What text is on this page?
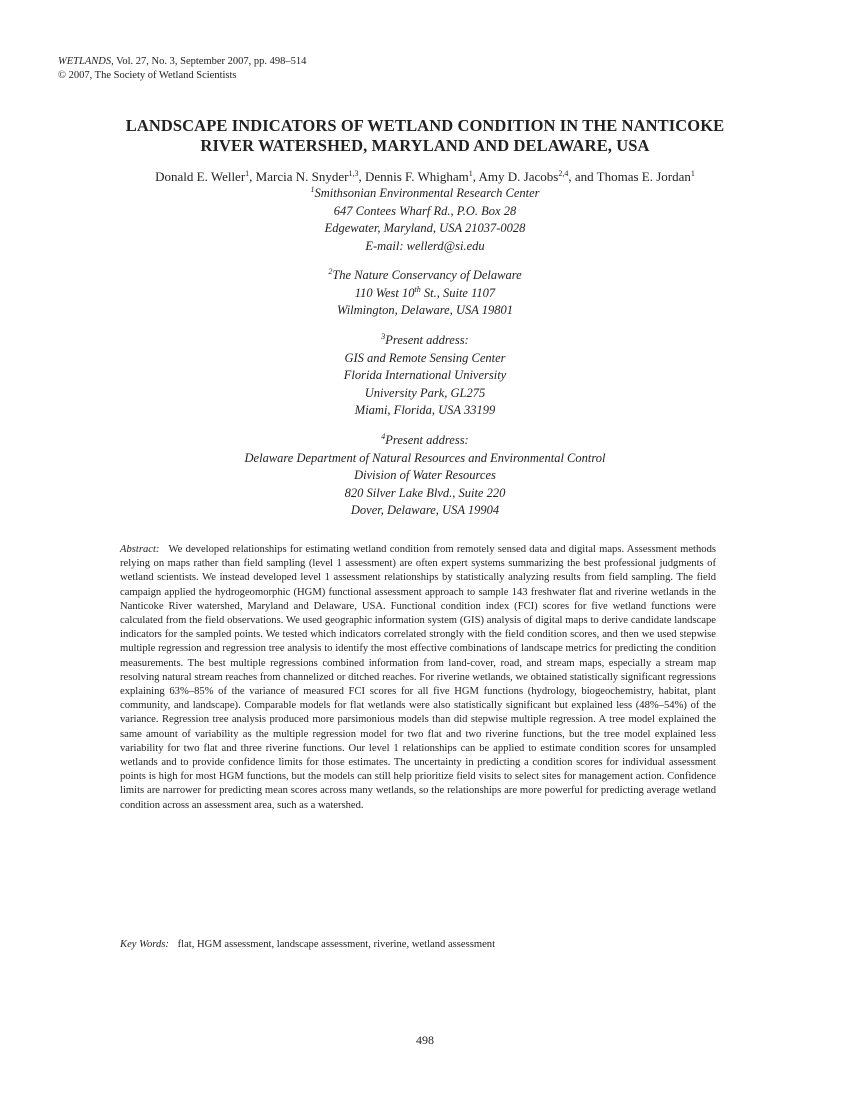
WETLANDS, Vol. 27, No. 3, September 2007, pp. 498–514
© 2007, The Society of Wetland Scientists
LANDSCAPE INDICATORS OF WETLAND CONDITION IN THE NANTICOKE
RIVER WATERSHED, MARYLAND AND DELAWARE, USA
Donald E. Weller$^1$, Marcia N. Snyder$^{1,3}$, Dennis F. Whigham$^1$, Amy D. Jacobs$^{2,4}$, and Thomas E. Jordan$^1$
$^1$Smithsonian Environmental Research Center
647 Contees Wharf Rd., P.O. Box 28
Edgewater, Maryland, USA 21037-0028
E-mail: wellerd@si.edu
$^2$The Nature Conservancy of Delaware
110 West 10th St., Suite 1107
Wilmington, Delaware, USA 19801
$^3$Present address:
GIS and Remote Sensing Center
Florida International University
University Park, GL275
Miami, Florida, USA 33199
$^4$Present address:
Delaware Department of Natural Resources and Environmental Control
Division of Water Resources
820 Silver Lake Blvd., Suite 220
Dover, Delaware, USA 19904
Abstract: We developed relationships for estimating wetland condition from remotely sensed data and digital maps. Assessment methods relying on maps rather than field sampling (level 1 assessment) are often expert systems summarizing the best professional judgments of wetland scientists. We instead developed level 1 assessment relationships by statistically analyzing results from field sampling. The field campaign applied the hydrogeomorphic (HGM) functional assessment approach to sample 143 freshwater flat and riverine wetlands in the Nanticoke River watershed, Maryland and Delaware, USA. Functional condition index (FCI) scores for five wetland functions were calculated from the field observations. We used geographic information system (GIS) analysis of digital maps to derive candidate landscape indicators for the sampled points. We tested which indicators correlated strongly with the field condition scores, and then we used stepwise multiple regression and regression tree analysis to identify the most effective combinations of landscape metrics for predicting the condition measurements. The best multiple regressions combined information from land-cover, road, and stream maps, especially a stream map resolving natural stream reaches from channelized or ditched reaches. For riverine wetlands, we obtained statistically significant regressions explaining 63%–85% of the variance of measured FCI scores for all five HGM functions (hydrology, biogeochemistry, habitat, plant community, and landscape). Comparable models for flat wetlands were also statistically significant but explained less (48%–54%) of the variance. Regression tree analysis produced more parsimonious models than did stepwise multiple regression. A tree model explained the same amount of variability as the multiple regression model for two flat and two riverine functions, but the tree model explained less variability for two flat and three riverine functions. Our level 1 relationships can be applied to estimate condition scores for unsampled wetlands and to provide confidence limits for those estimates. The uncertainty in predicting a condition scores for individual assessment points is high for most HGM functions, but the models can still help prioritize field visits to select sites for management action. Confidence limits are narrower for predicting mean scores across many wetlands, so the relationships are more powerful for predicting average wetland condition across an assessment area, such as a watershed.
Key Words: flat, HGM assessment, landscape assessment, riverine, wetland assessment
498
